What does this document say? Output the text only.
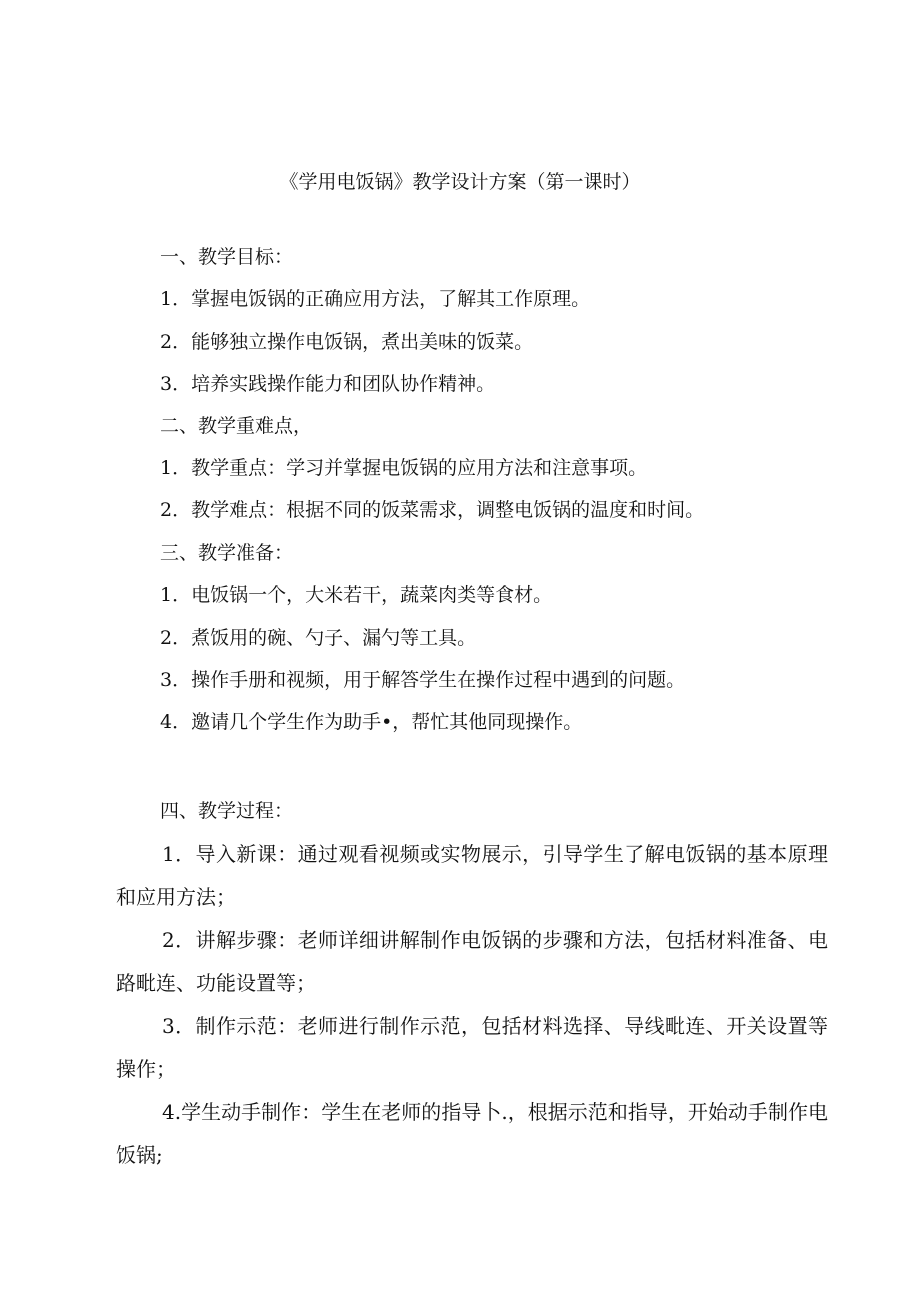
《学用电饭锅》教学设计方案（第一课时）
一、教学目标：
1．掌握电饭锅的正确应用方法，了解其工作原理。
2．能够独立操作电饭锅，煮出美味的饭菜。
3．培养实践操作能力和团队协作精神。
二、教学重难点，
1．教学重点：学习并掌握电饭锅的应用方法和注意事项。
2．教学难点：根据不同的饭菜需求，调整电饭锅的温度和时间。
三、教学准备：
1．电饭锅一个，大米若干，蔬菜肉类等食材。
2．煮饭用的碗、勺子、漏勺等工具。
3．操作手册和视频，用于解答学生在操作过程中遇到的问题。
4．邀请几个学生作为助手•，帮忙其他同现操作。
四、教学过程：
1．导入新课：通过观看视频或实物展示，引导学生了解电饭锅的基本原理和应用方法；
2．讲解步骤：老师详细讲解制作电饭锅的步骤和方法，包括材料准备、电路毗连、功能设置等；
3．制作示范：老师进行制作示范，包括材料选择、导线毗连、开关设置等操作；
4.学生动手制作：学生在老师的指导卜.，根据示范和指导，开始动手制作电饭锅;
